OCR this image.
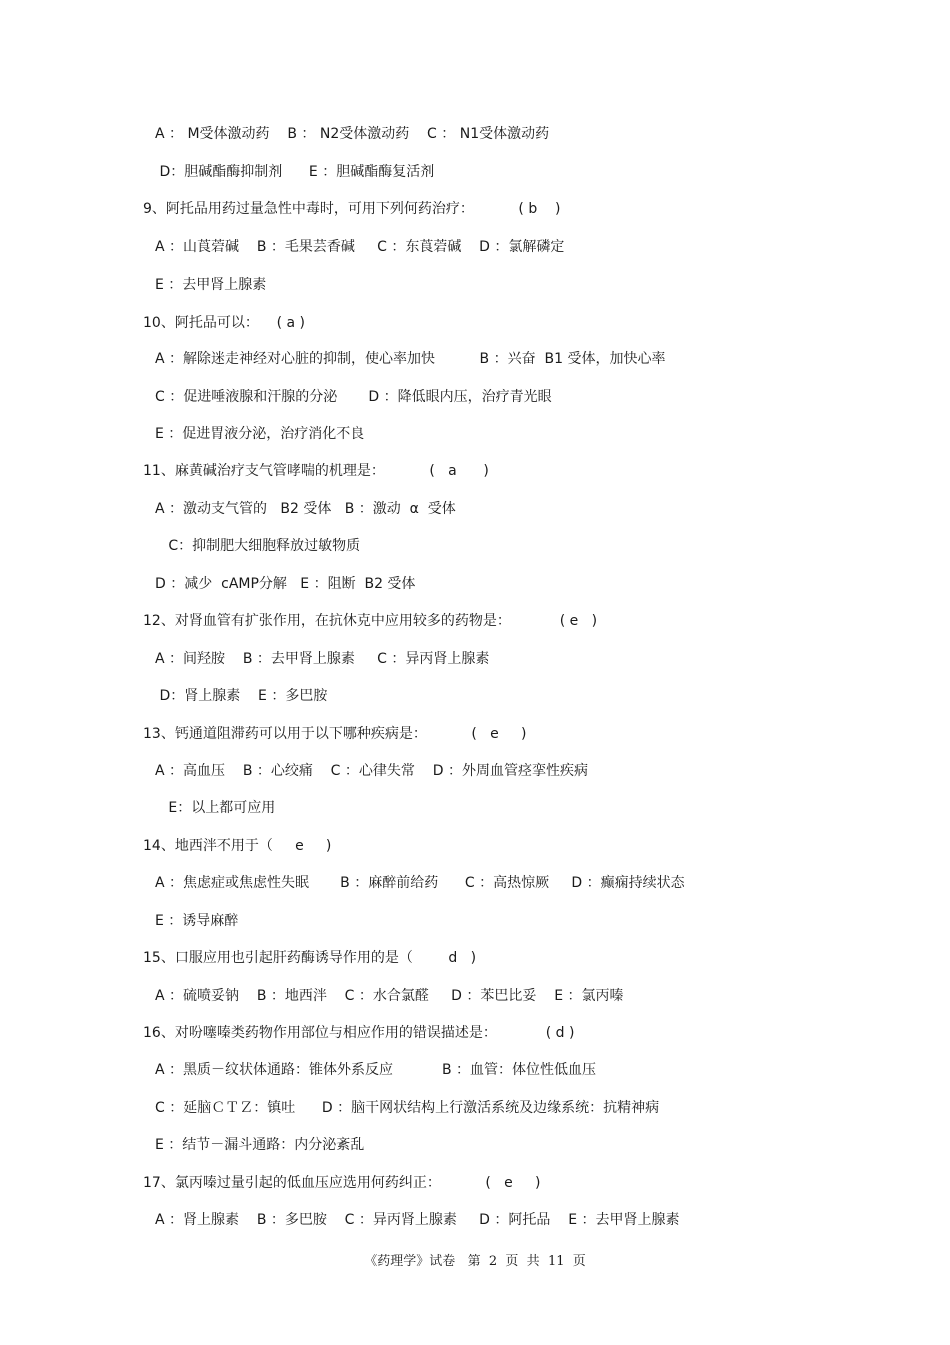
A ： M受体激动药    B ： N2受体激动药    C ： N1受体激动药
D：胆碱酯酶抑制剂      E ：胆碱酯酶复活剂
9、阿托品用药过量急性中毒时，可用下列何药治疗：          ( b    )
A ：山莨菪碱    B ：毛果芸香碱     C ：东莨菪碱    D ：氯解磷定
E ：去甲肾上腺素
10、阿托品可以：    ( a )
A ：解除迷走神经对心脏的抑制，使心率加快          B ：兴奋  B1 受体，加快心率
C ：促进唾液腺和汗腺的分泌       D ：降低眼内压，治疗青光眼
E ：促进胃液分泌，治疗消化不良
11、麻黄碱治疗支气管哮喘的机理是：          (   a      )
A ：激动支气管的   B2 受体   B ：激动  α  受体
C：抑制肥大细胞释放过敏物质
D ：减少  cAMP分解   E ：阻断  B2 受体
12、对肾血管有扩张作用，在抗休克中应用较多的药物是：           ( e   )
A ：间羟胺    B ：去甲肾上腺素     C ：异丙肾上腺素
D：肾上腺素    E ：多巴胺
13、钙通道阻滞药可以用于以下哪种疾病是：          (   e     )
A ：高血压    B ：心绞痛    C ：心律失常    D ：外周血管痉挛性疾病
E：以上都可应用
14、地西泮不用于（     e     )
A ：焦虑症或焦虑性失眠       B ：麻醉前给药      C ：高热惊厥     D ：癫痫持续状态
E ：诱导麻醉
15、口服应用也引起肝药酶诱导作用的是（        d   )
A ：硫喷妥钠    B ：地西泮    C ：水合氯醛     D ：苯巴比妥    E ：氯丙嗪
16、对吩噻嗪类药物作用部位与相应作用的错误描述是：           ( d )
A ：黑质－纹状体通路：锥体外系反应           B ：血管：体位性低血压
C ：延脑ＣＴＺ：镇吐      D ：脑干网状结构上行激活系统及边缘系统：抗精神病
E ：结节－漏斗通路：内分泌紊乱
17、氯丙嗪过量引起的低血压应选用何药纠正：          (   e     )
A ：肾上腺素    B ：多巴胺    C ：异丙肾上腺素     D ：阿托品    E ：去甲肾上腺素
《药理学》试卷   第  2  页  共  11  页
